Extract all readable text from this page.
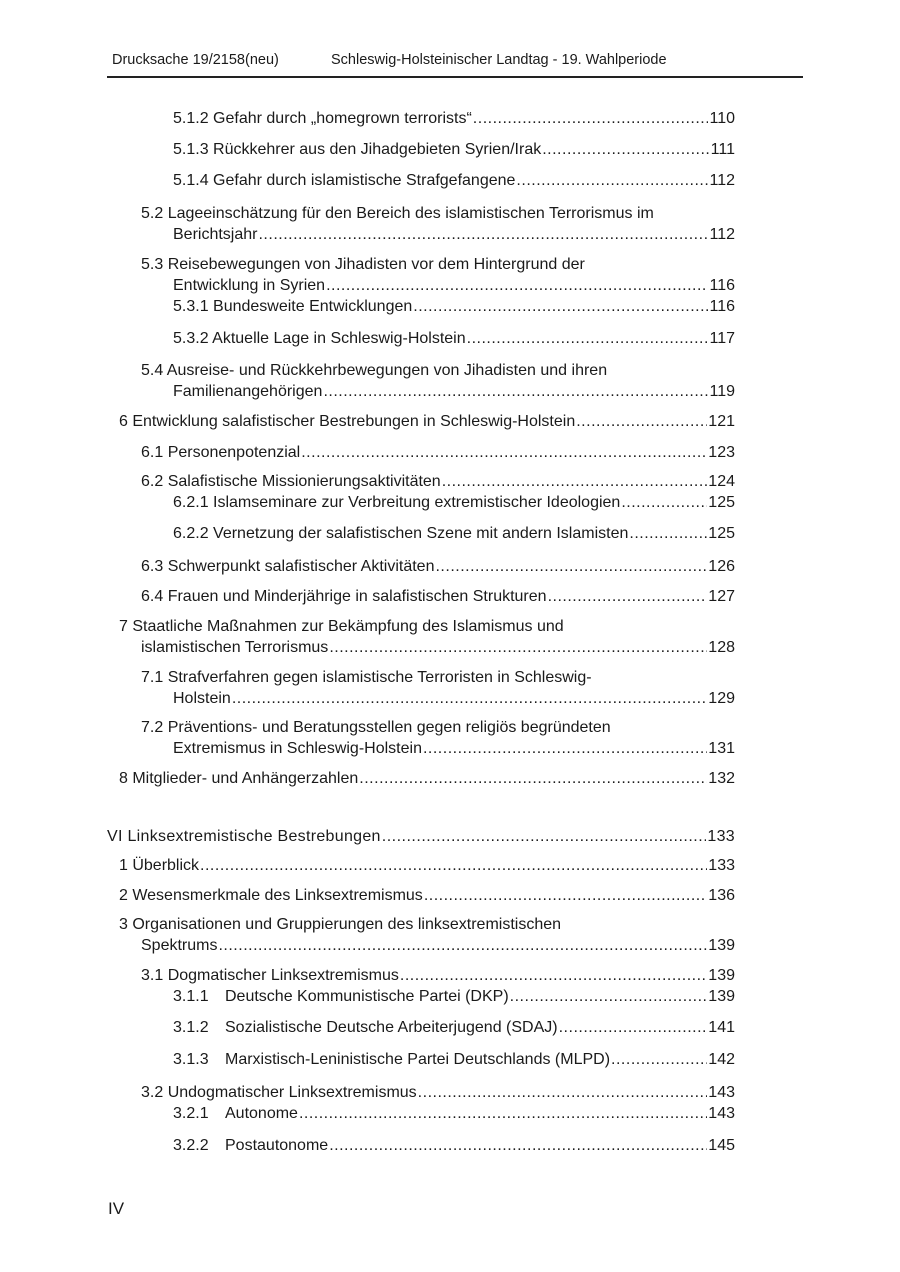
Drucksache 19/2158(neu)	Schleswig-Holsteinischer Landtag - 19. Wahlperiode
5.1.2 Gefahr durch „homegrown terrorists“ .....	110
5.1.3 Rückkehrer aus den Jihadgebieten Syrien/Irak .....	111
5.1.4 Gefahr durch islamistische Strafgefangene .....	112
5.2 Lageeinschätzung für den Bereich des islamistischen Terrorismus im
Berichtsjahr .....	112
5.3 Reisebewegungen von Jihadisten vor dem Hintergrund der
Entwicklung in Syrien .....	116
5.3.1 Bundesweite Entwicklungen .....	116
5.3.2 Aktuelle Lage in Schleswig-Holstein .....	117
5.4 Ausreise- und Rückkehrbewegungen von Jihadisten und ihren
Familienangehörigen .....	119
6 Entwicklung salafistischer Bestrebungen in Schleswig-Holstein .....	121
6.1 Personenpotenzial .....	123
6.2 Salafistische Missionierungsaktivitäten .....	124
6.2.1 Islamseminare zur Verbreitung extremistischer Ideologien .....	125
6.2.2 Vernetzung der salafistischen Szene mit andern Islamisten .....	125
6.3 Schwerpunkt salafistischer Aktivitäten .....	126
6.4 Frauen und Minderjährige in salafistischen Strukturen .....	127
7 Staatliche Maßnahmen zur Bekämpfung des Islamismus und
islamistischen Terrorismus .....	128
7.1 Strafverfahren gegen islamistische Terroristen in Schleswig-
Holstein .....	129
7.2 Präventions- und Beratungsstellen gegen religiös begründeten
Extremismus in Schleswig-Holstein .....	131
8 Mitglieder- und Anhängerzahlen .....	132
VI Linksextremistische Bestrebungen .....	133
1 Überblick .....	133
2 Wesensmerkmale des Linksextremismus .....	136
3 Organisationen und Gruppierungen des linksextremistischen
Spektrums .....	139
3.1 Dogmatischer Linksextremismus .....	139
3.1.1 Deutsche Kommunistische Partei (DKP) .....	139
3.1.2 Sozialistische Deutsche Arbeiterjugend (SDAJ) .....	141
3.1.3 Marxistisch-Leninistische Partei Deutschlands (MLPD) .....	142
3.2 Undogmatischer Linksextremismus .....	143
3.2.1 Autonome .....	143
3.2.2 Postautonome .....	145
IV
